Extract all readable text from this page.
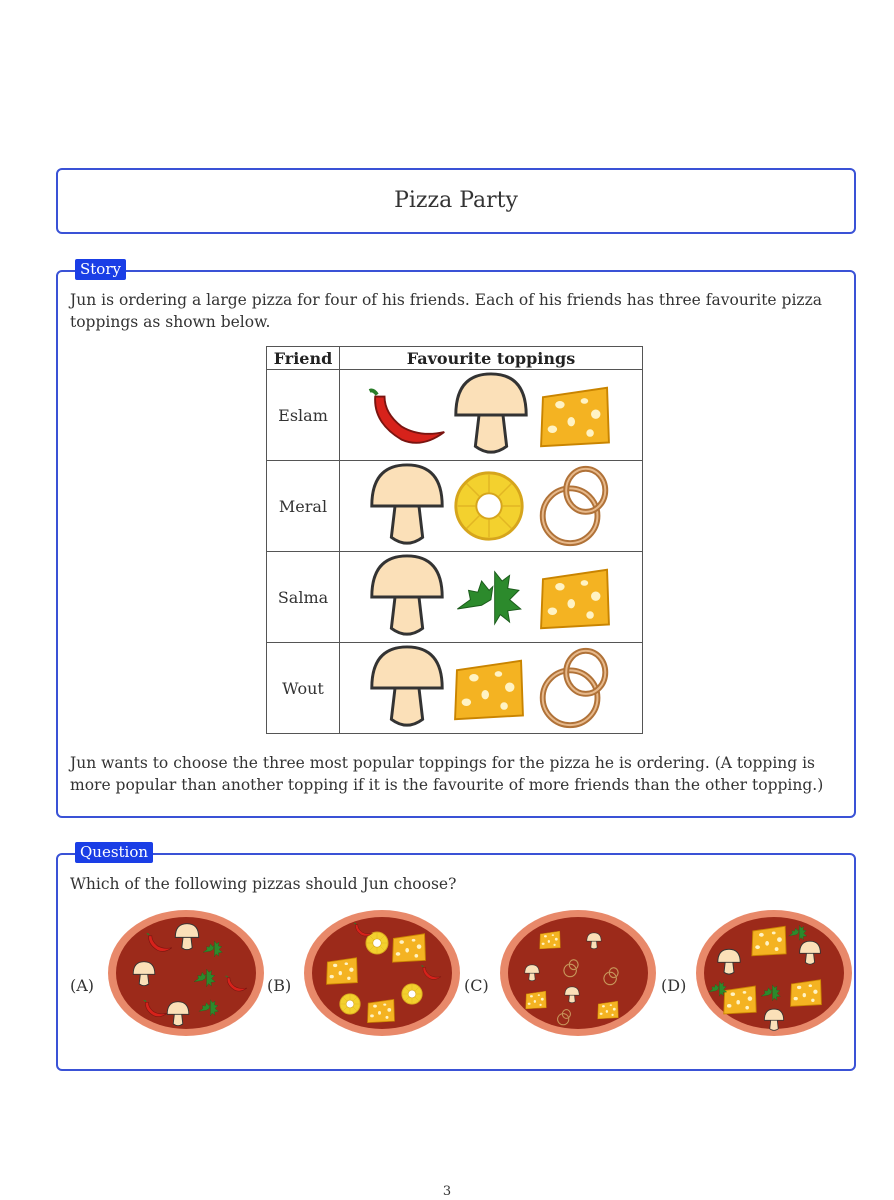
Pizza Party
Story
Jun is ordering a large pizza for four of his friends. Each of his friends has three favourite pizza toppings as shown below.
Friend	Favourite toppings
Eslam	

Meral	

Salma	

Wout	
Jun wants to choose the three most popular toppings for the pizza he is ordering. (A topping is more popular than another topping if it is the favourite of more friends than the other topping.)
Question
Which of the following pizzas should Jun choose?
(A)	(B)	(C)	(D)
3
